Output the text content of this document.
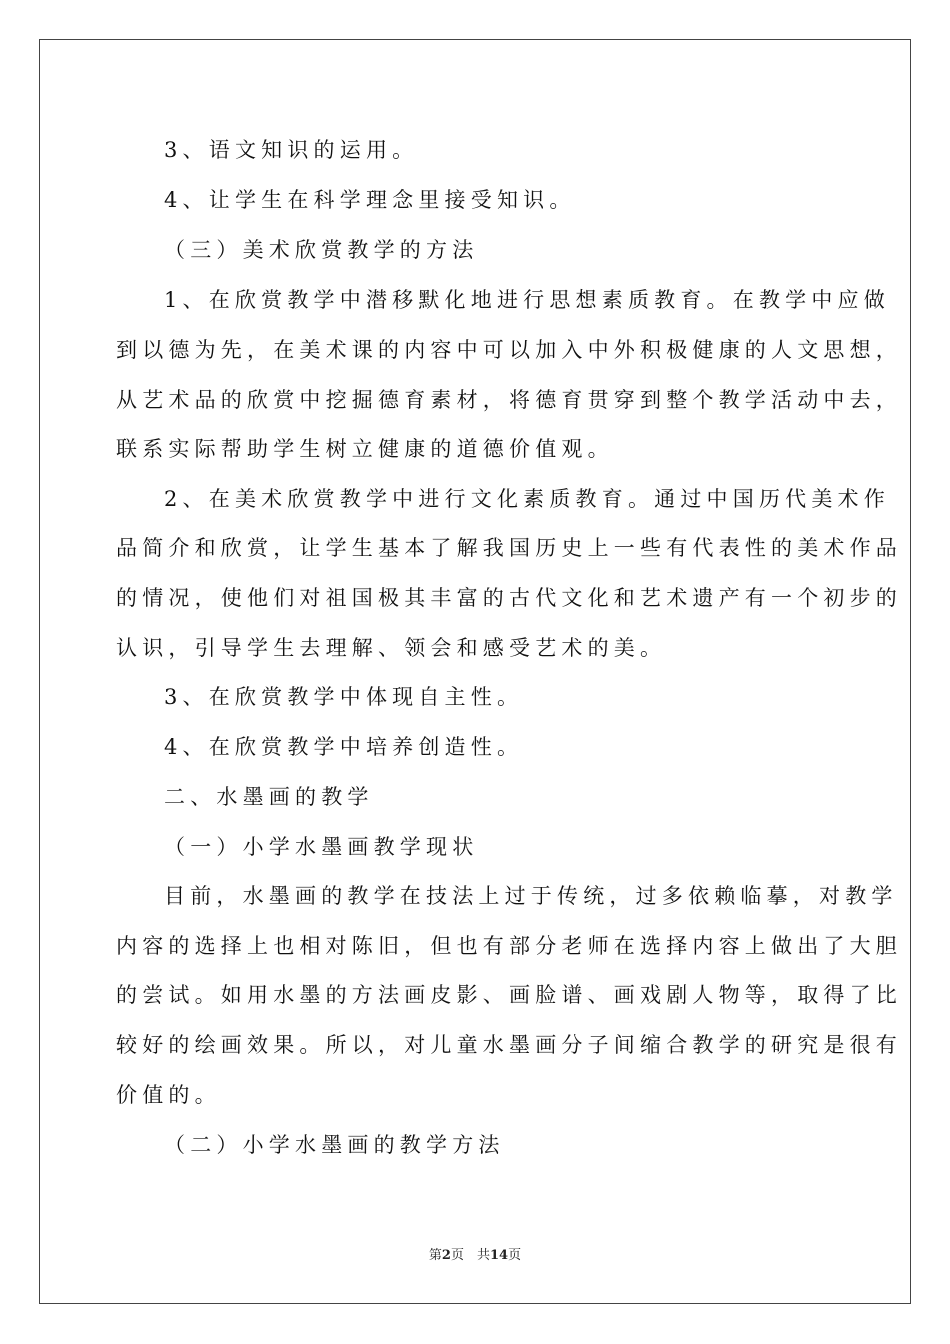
3、语文知识的运用。
4、让学生在科学理念里接受知识。
（三）美术欣赏教学的方法
1、在欣赏教学中潜移默化地进行思想素质教育。在教学中应做
到以德为先，在美术课的内容中可以加入中外积极健康的人文思想，
从艺术品的欣赏中挖掘德育素材，将德育贯穿到整个教学活动中去，
联系实际帮助学生树立健康的道德价值观。
2、在美术欣赏教学中进行文化素质教育。通过中国历代美术作
品简介和欣赏，让学生基本了解我国历史上一些有代表性的美术作品
的情况，使他们对祖国极其丰富的古代文化和艺术遗产有一个初步的
认识，引导学生去理解、领会和感受艺术的美。
3、在欣赏教学中体现自主性。
4、在欣赏教学中培养创造性。
二、水墨画的教学
（一）小学水墨画教学现状
目前，水墨画的教学在技法上过于传统，过多依赖临摹，对教学
内容的选择上也相对陈旧，但也有部分老师在选择内容上做出了大胆
的尝试。如用水墨的方法画皮影、画脸谱、画戏剧人物等，取得了比
较好的绘画效果。所以，对儿童水墨画分子间缩合教学的研究是很有
价值的。
（二）小学水墨画的教学方法
第2页　共14页
